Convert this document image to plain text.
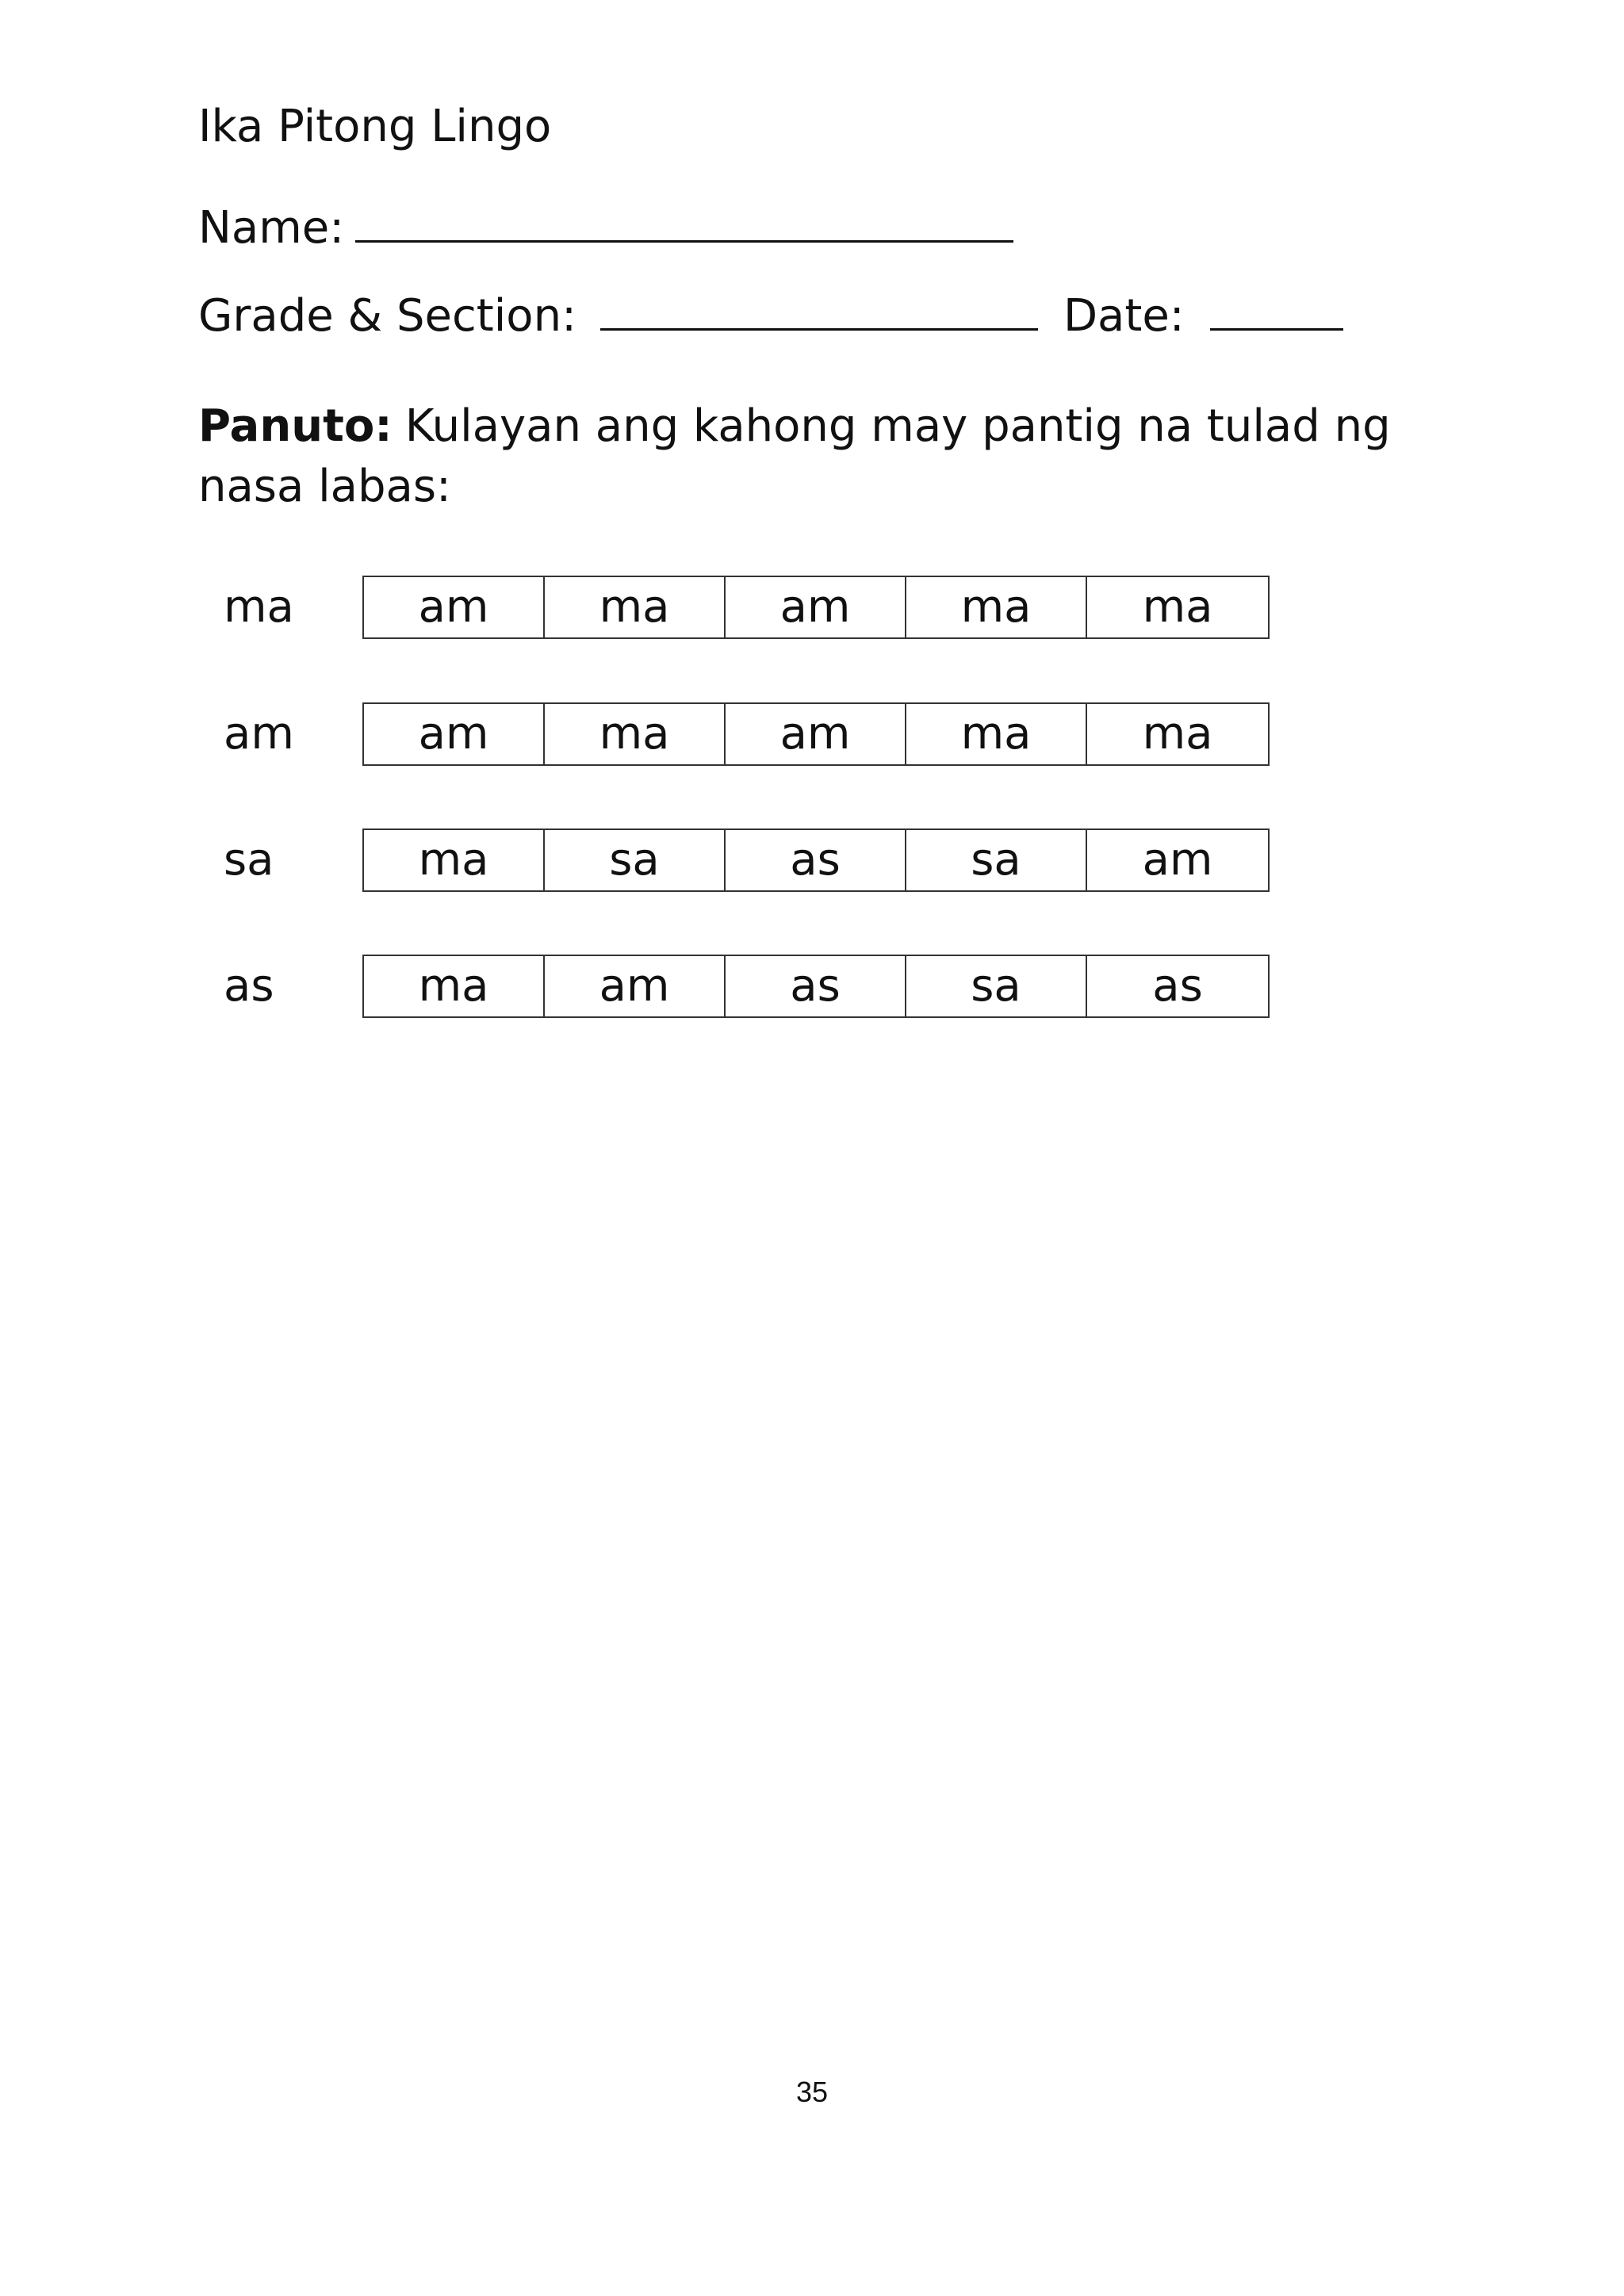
Ika Pitong Lingo
Name:
Grade & Section:	Date:
Panuto: Kulayan ang kahong may pantig na tulad ng nasa labas:
ma	am	ma	am	ma	ma
am	am	ma	am	ma	ma
sa	ma	sa	as	sa	am
as	ma	am	as	sa	as
35
